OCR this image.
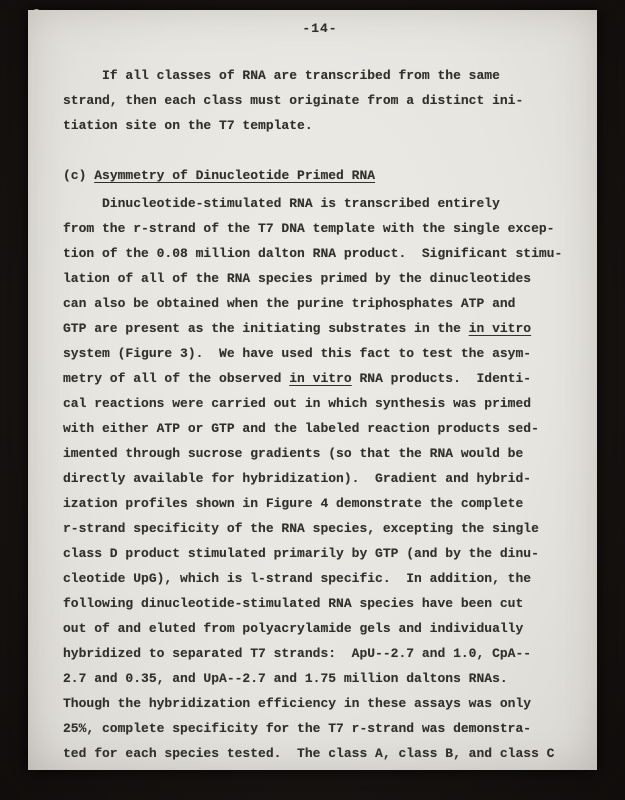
-14-
If all classes of RNA are transcribed from the same
strand, then each class must originate from a distinct ini-
tiation site on the T7 template.
(c) Asymmetry of Dinucleotide Primed RNA
Dinucleotide-stimulated RNA is transcribed entirely
from the r-strand of the T7 DNA template with the single excep-
tion of the 0.08 million dalton RNA product.  Significant stimu-
lation of all of the RNA species primed by the dinucleotides
can also be obtained when the purine triphosphates ATP and
GTP are present as the initiating substrates in the in vitro
system (Figure 3).  We have used this fact to test the asym-
metry of all of the observed in vitro RNA products.  Identi-
cal reactions were carried out in which synthesis was primed
with either ATP or GTP and the labeled reaction products sed-
imented through sucrose gradients (so that the RNA would be
directly available for hybridization).  Gradient and hybrid-
ization profiles shown in Figure 4 demonstrate the complete
r-strand specificity of the RNA species, excepting the single
class D product stimulated primarily by GTP (and by the dinu-
cleotide UpG), which is l-strand specific.  In addition, the
following dinucleotide-stimulated RNA species have been cut
out of and eluted from polyacrylamide gels and individually
hybridized to separated T7 strands:  ApU--2.7 and 1.0, CpA--
2.7 and 0.35, and UpA--2.7 and 1.75 million daltons RNAs.
Though the hybridization efficiency in these assays was only
25%, complete specificity for the T7 r-strand was demonstra-
ted for each species tested.  The class A, class B, and class C
